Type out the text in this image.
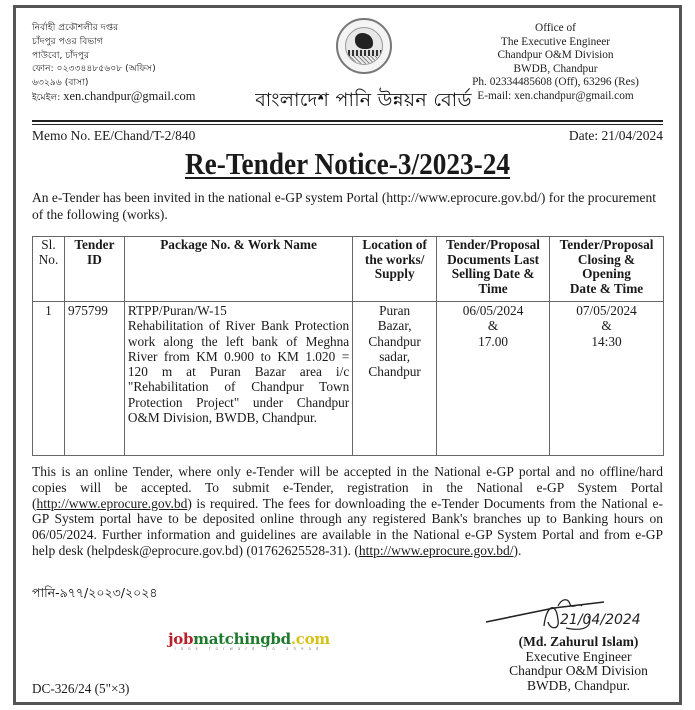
নির্বাহী প্রকৌশলীর দপ্তর
চাঁদপুর পওর বিভাগ
পাউবো, চাঁদপুর
ফোন: ০২৩৩৪৪৮৫৬০৮ (অফিস)
৬৩২৯৬ (বাসা)
ইমেইল: xen.chandpur@gmail.com	বাংলাদেশ পানি উন্নয়ন বোর্ড
Office of
The Executive Engineer
Chandpur O&M Division
BWDB, Chandpur
Ph. 02334485608 (Off), 63296 (Res)
E-mail: xen.chandpur@gmail.com
Memo No. EE/Chand/T-2/840	Date: 21/04/2024
Re-Tender Notice-3/2023-24
An e-Tender has been invited in the national e-GP system Portal (http://www.eprocure.gov.bd/) for the procurement of the following (works).
Sl.
No.	Tender
ID	Package No. & Work Name	Location of
the works/
Supply	Tender/Proposal
Documents Last
Selling Date &
Time	Tender/Proposal
Closing &
Opening
Date & Time
1	975799	RTPP/Puran/W-15
Rehabilitation of River Bank Protection work along the left bank of Meghna River from KM 0.900 to KM 1.020 = 120 m at Puran Bazar area i/c "Rehabilitation of Chandpur Town Protection Project" under Chandpur O&M Division, BWDB, Chandpur.
	Puran
Bazar,
Chandpur
sadar,
Chandpur	06/05/2024
&
17.00	07/05/2024
&
14:30
This is an online Tender, where only e-Tender will be accepted in the National e-GP portal and no offline/hard copies will be accepted. To submit e-Tender, registration in the National e-GP System Portal (http://www.eprocure.gov.bd) is required. The fees for downloading the e-Tender Documents from the National e-GP System portal have to be deposited online through any registered Bank's branches up to Banking hours on 06/05/2024. Further information and guidelines are available in the National e-GP System Portal and from e-GP help desk (helpdesk@eprocure.gov.bd) (01762625528-31). (http://www.eprocure.gov.bd/).
পানি-৯৭৭/২০২৩/২০২৪
jobmatchingbd.com
look forward to ahead
DC-326/24 (5"×3)
21/04/2024
(Md. Zahurul Islam)
Executive Engineer
Chandpur O&M Division
BWDB, Chandpur.
